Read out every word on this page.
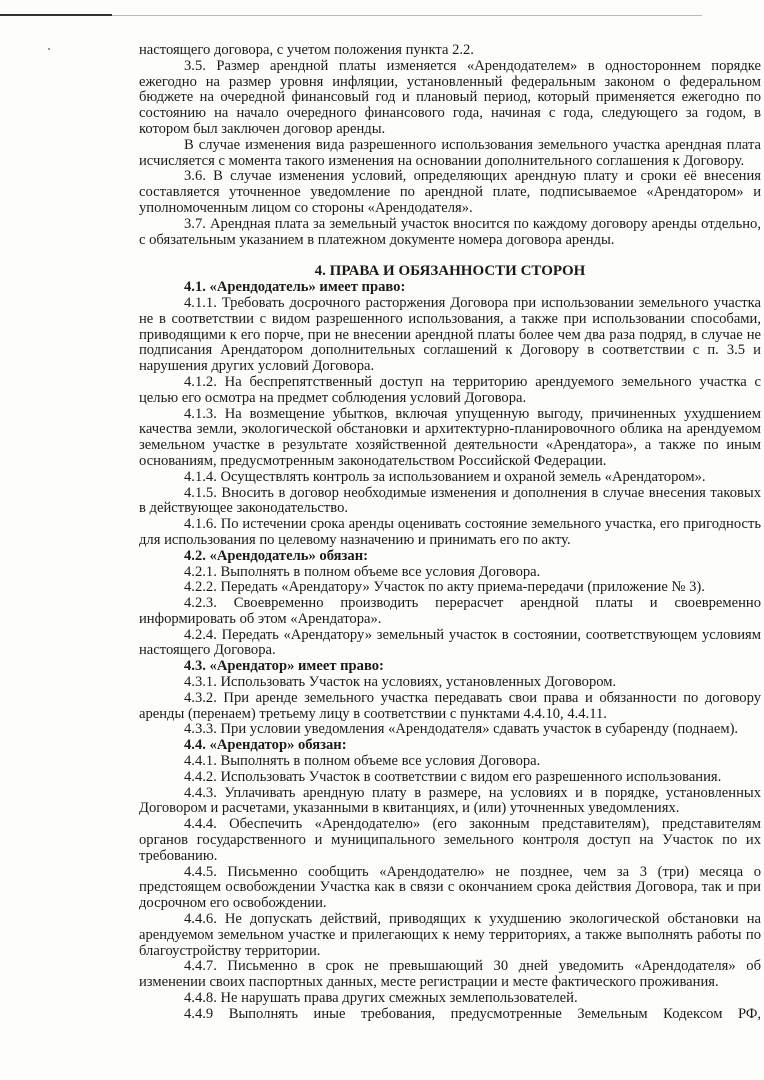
настоящего договора, с учетом положения пункта 2.2.

3.5. Размер арендной платы изменяется «Арендодателем» в одностороннем порядке ежегодно на размер уровня инфляции, установленный федеральным законом о федеральном бюджете на очередной финансовый год и плановый период, который применяется ежегодно по состоянию на начало очередного финансового года, начиная с года, следующего за годом, в котором был заключен договор аренды.

В случае изменения вида разрешенного использования земельного участка арендная плата исчисляется с момента такого изменения на основании дополнительного соглашения к Договору.

3.6. В случае изменения условий, определяющих арендную плату и сроки её внесения составляется уточненное уведомление по арендной плате, подписываемое «Арендатором» и уполномоченным лицом со стороны «Арендодателя».

3.7. Арендная плата за земельный участок вносится по каждому договору аренды отдельно, с обязательным указанием в платежном документе номера договора аренды.

4. ПРАВА И ОБЯЗАННОСТИ СТОРОН

4.1. «Арендодатель» имеет право:

4.1.1. Требовать досрочного расторжения Договора при использовании земельного участка не в соответствии с видом разрешенного использования, а также при использовании способами, приводящими к его порче, при не внесении арендной платы более чем два раза подряд, в случае не подписания Арендатором дополнительных соглашений к Договору в соответствии с п. 3.5 и нарушения других условий Договора.

4.1.2. На беспрепятственный доступ на территорию арендуемого земельного участка с целью его осмотра на предмет соблюдения условий Договора.

4.1.3. На возмещение убытков, включая упущенную выгоду, причиненных ухудшением качества земли, экологической обстановки и архитектурно-планировочного облика на арендуемом земельном участке в результате хозяйственной деятельности «Арендатора», а также по иным основаниям, предусмотренным законодательством Российской Федерации.

4.1.4. Осуществлять контроль за использованием и охраной земель «Арендатором».

4.1.5. Вносить в договор необходимые изменения и дополнения в случае внесения таковых в действующее законодательство.

4.1.6. По истечении срока аренды оценивать состояние земельного участка, его пригодность для использования по целевому назначению и принимать его по акту.

4.2. «Арендодатель» обязан:

4.2.1. Выполнять в полном объеме все условия Договора.

4.2.2. Передать «Арендатору» Участок по акту приема-передачи (приложение № 3).

4.2.3. Своевременно производить перерасчет арендной платы и своевременно информировать об этом «Арендатора».

4.2.4. Передать «Арендатору» земельный участок в состоянии, соответствующем условиям настоящего Договора.

4.3. «Арендатор» имеет право:

4.3.1. Использовать Участок на условиях, установленных Договором.

4.3.2. При аренде земельного участка передавать свои права и обязанности по договору аренды (перенаем) третьему лицу в соответствии с пунктами 4.4.10, 4.4.11.

4.3.3. При условии уведомления «Арендодателя» сдавать участок в субаренду (поднаем).

4.4. «Арендатор» обязан:

4.4.1. Выполнять в полном объеме все условия Договора.

4.4.2. Использовать Участок в соответствии с видом его разрешенного использования.

4.4.3. Уплачивать арендную плату в размере, на условиях и в порядке, установленных Договором и расчетами, указанными в квитанциях, и (или) уточненных уведомлениях.

4.4.4. Обеспечить «Арендодателю» (его законным представителям), представителям органов государственного и муниципального земельного контроля доступ на Участок по их требованию.

4.4.5. Письменно сообщить «Арендодателю» не позднее, чем за 3 (три) месяца о предстоящем освобождении Участка как в связи с окончанием срока действия Договора, так и при досрочном его освобождении.

4.4.6. Не допускать действий, приводящих к ухудшению экологической обстановки на арендуемом земельном участке и прилегающих к нему территориях, а также выполнять работы по благоустройству территории.

4.4.7. Письменно в срок не превышающий 30 дней уведомить «Арендодателя» об изменении своих паспортных данных, месте регистрации и месте фактического проживания.

4.4.8. Не нарушать права других смежных землепользователей.

4.4.9 Выполнять иные требования, предусмотренные Земельным Кодексом РФ,
